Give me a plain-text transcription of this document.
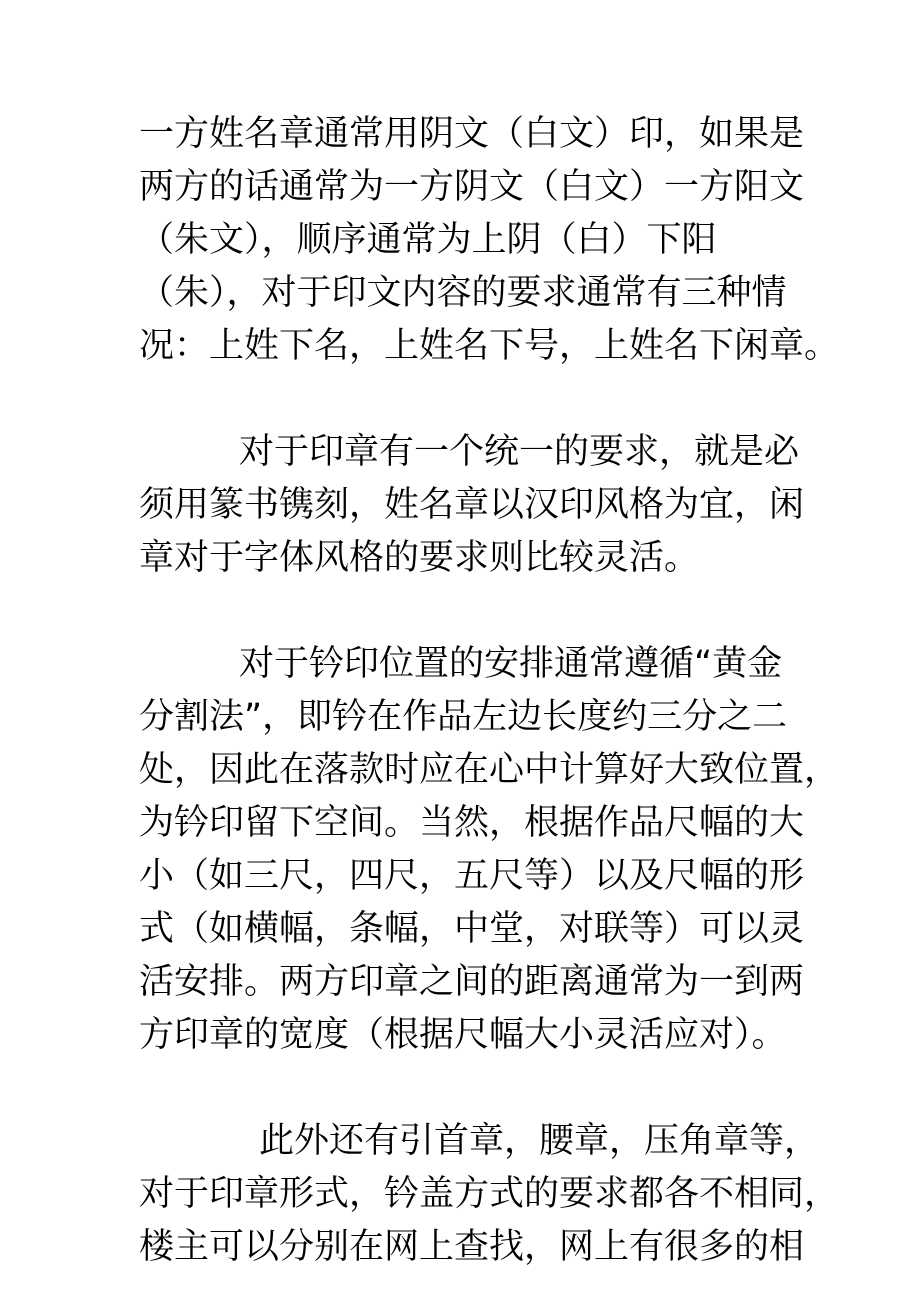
一方姓名章通常用阴文（白文）印，如果是
两方的话通常为一方阴文（白文）一方阳文
（朱文），顺序通常为上阴（白）下阳
（朱），对于印文内容的要求通常有三种情
况：上姓下名，上姓名下号，上姓名下闲章。
对于印章有一个统一的要求，就是必
须用篆书镌刻，姓名章以汉印风格为宜，闲
章对于字体风格的要求则比较灵活。
对于钤印位置的安排通常遵循“黄金
分割法”，即钤在作品左边长度约三分之二
处，因此在落款时应在心中计算好大致位置，
为钤印留下空间。当然，根据作品尺幅的大
小（如三尺，四尺，五尺等）以及尺幅的形
式（如横幅，条幅，中堂，对联等）可以灵
活安排。两方印章之间的距离通常为一到两
方印章的宽度（根据尺幅大小灵活应对）。
此外还有引首章，腰章，压角章等，
对于印章形式，钤盖方式的要求都各不相同，
楼主可以分别在网上查找，网上有很多的相
